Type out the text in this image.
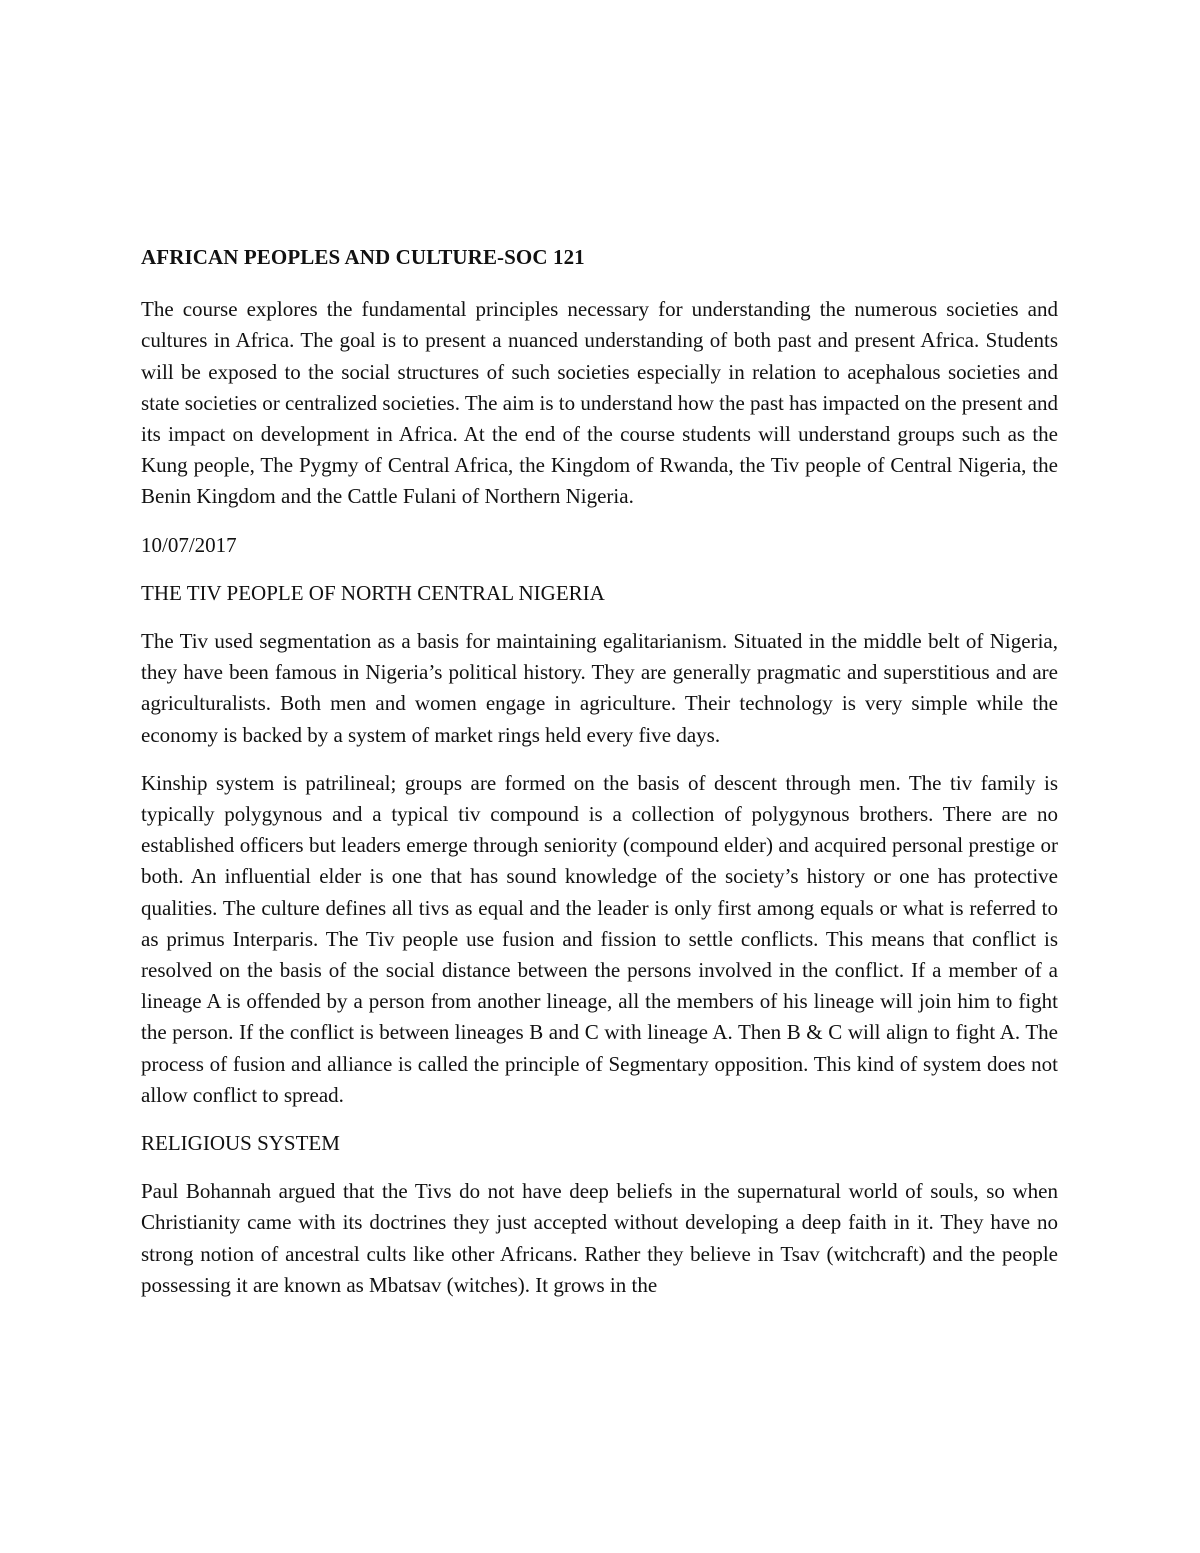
AFRICAN PEOPLES AND CULTURE-SOC 121

The course explores the fundamental principles necessary for understanding the numerous societies and cultures in Africa. The goal is to present a nuanced understanding of both past and present Africa. Students will be exposed to the social structures of such societies especially in relation to acephalous societies and state societies or centralized societies. The aim is to understand how the past has impacted on the present and its impact on development in Africa. At the end of the course students will understand groups such as the Kung people, The Pygmy of Central Africa, the Kingdom of Rwanda, the Tiv people of Central Nigeria, the Benin Kingdom and the Cattle Fulani of Northern Nigeria.

10/07/2017

THE TIV PEOPLE OF NORTH CENTRAL NIGERIA

The Tiv used segmentation as a basis for maintaining egalitarianism. Situated in the middle belt of Nigeria, they have been famous in Nigeria’s political history. They are generally pragmatic and superstitious and are agriculturalists. Both men and women engage in agriculture. Their technology is very simple while the economy is backed by a system of market rings held every five days.

Kinship system is patrilineal; groups are formed on the basis of descent through men. The tiv family is typically polygynous and a typical tiv compound is a collection of polygynous brothers. There are no established officers but leaders emerge through seniority (compound elder) and acquired personal prestige or both. An influential elder is one that has sound knowledge of the society’s history or one has protective qualities. The culture defines all tivs as equal and the leader is only first among equals or what is referred to as primus Interparis. The Tiv people use fusion and fission to settle conflicts. This means that conflict is resolved on the basis of the social distance between the persons involved in the conflict. If a member of a lineage A is offended by a person from another lineage, all the members of his lineage will join him to fight the person. If the conflict is between lineages B and C with lineage A. Then B & C will align to fight A. The process of fusion and alliance is called the principle of Segmentary opposition. This kind of system does not allow conflict to spread.

RELIGIOUS SYSTEM

Paul Bohannah argued that the Tivs do not have deep beliefs in the supernatural world of souls, so when Christianity came with its doctrines they just accepted without developing a deep faith in it. They have no strong notion of ancestral cults like other Africans. Rather they believe in Tsav (witchcraft) and the people possessing it are known as Mbatsav (witches). It grows in the
